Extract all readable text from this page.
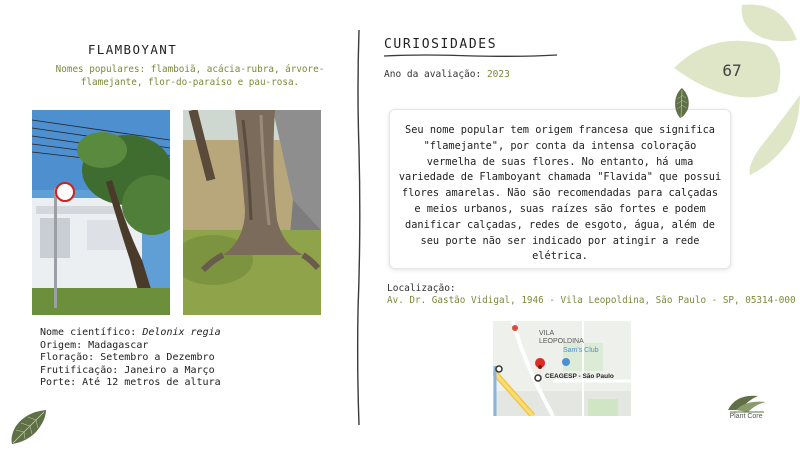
FLAMBOYANT
Nomes populares: flamboiã, acácia-rubra, árvore-flamejante, flor-do-paraíso e pau-rosa.
Nome científico: Delonix regia
Origem: Madagascar
Floração: Setembro a Dezembro
Frutificação: Janeiro a Março
Porte: Até 12 metros de altura
CURIOSIDADES
Ano da avaliação: 2023

Seu nome popular tem origem francesa que significa "flamejante", por conta da intensa coloração vermelha de suas flores. No entanto, há uma variedade de Flamboyant chamada "Flavida" que possui flores amarelas. Não são recomendadas para calçadas e meios urbanos, suas raízes são fortes e podem danificar calçadas, redes de esgoto, água, além de seu porte não ser indicado por atingir a rede elétrica.

Localização:
Av. Dr. Gastão Vidigal, 1946 - Vila Leopoldina, São Paulo - SP, 05314-000
VILA
LEOPOLDINA
Sam's Club
CEAGESP - São Paulo
67
Plant Core
